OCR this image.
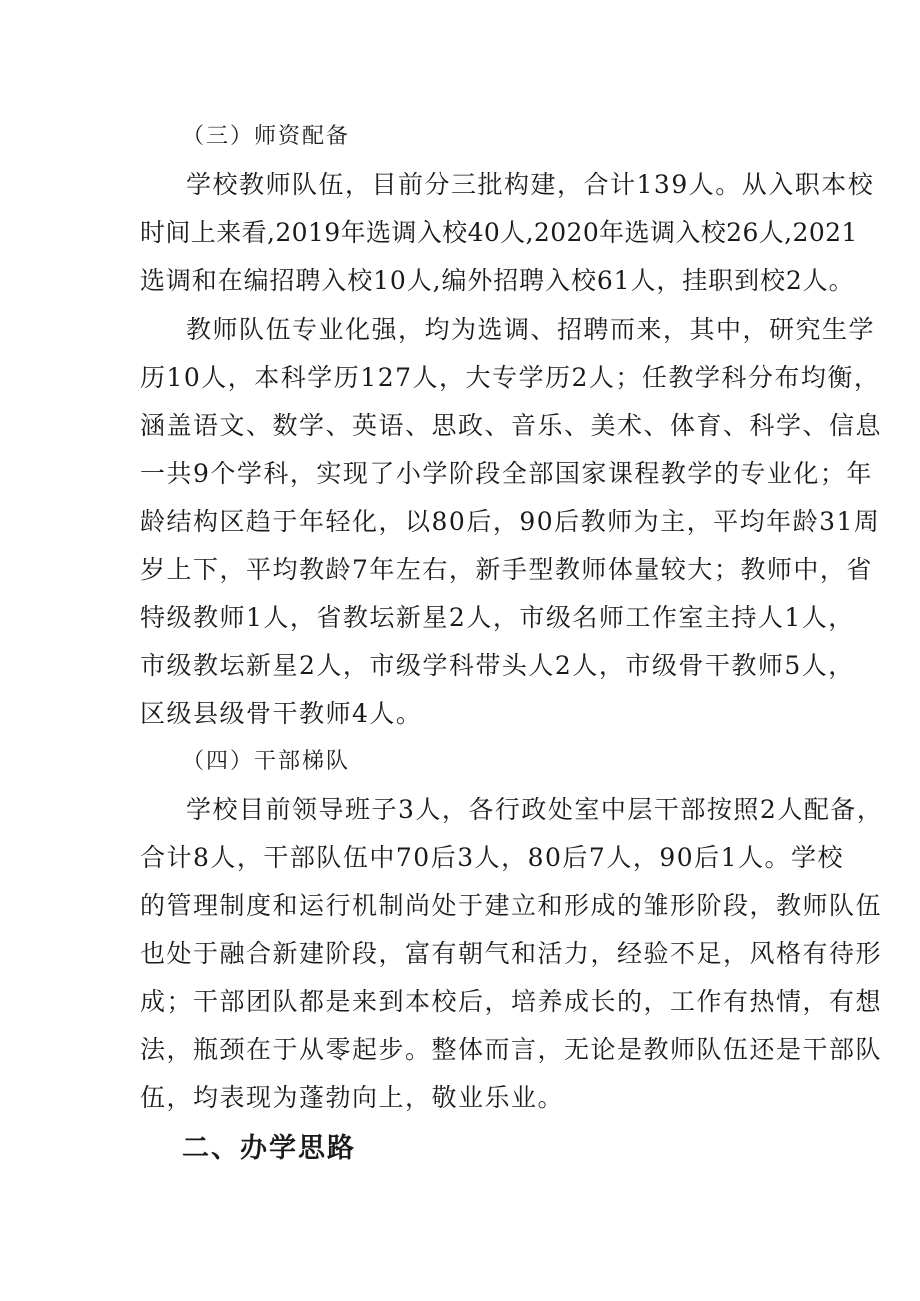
（三）师资配备
学校教师队伍，目前分三批构建，合计139人。从入职本校
时间上来看,2019年选调入校40人,2020年选调入校26人,2021
选调和在编招聘入校10人,编外招聘入校61人，挂职到校2人。
教师队伍专业化强，均为选调、招聘而来，其中，研究生学
历10人，本科学历127人，大专学历2人；任教学科分布均衡，
涵盖语文、数学、英语、思政、音乐、美术、体育、科学、信息
一共9个学科，实现了小学阶段全部国家课程教学的专业化；年
龄结构区趋于年轻化，以80后，90后教师为主，平均年龄31周
岁上下，平均教龄7年左右，新手型教师体量较大；教师中，省
特级教师1人，省教坛新星2人，市级名师工作室主持人1人，
市级教坛新星2人，市级学科带头人2人，市级骨干教师5人，
区级县级骨干教师4人。
（四）干部梯队
学校目前领导班子3人，各行政处室中层干部按照2人配备，
合计8人，干部队伍中70后3人，80后7人，90后1人。学校
的管理制度和运行机制尚处于建立和形成的雏形阶段，教师队伍
也处于融合新建阶段，富有朝气和活力，经验不足，风格有待形
成；干部团队都是来到本校后，培养成长的，工作有热情，有想
法，瓶颈在于从零起步。整体而言，无论是教师队伍还是干部队
伍，均表现为蓬勃向上，敬业乐业。
二、办学思路
